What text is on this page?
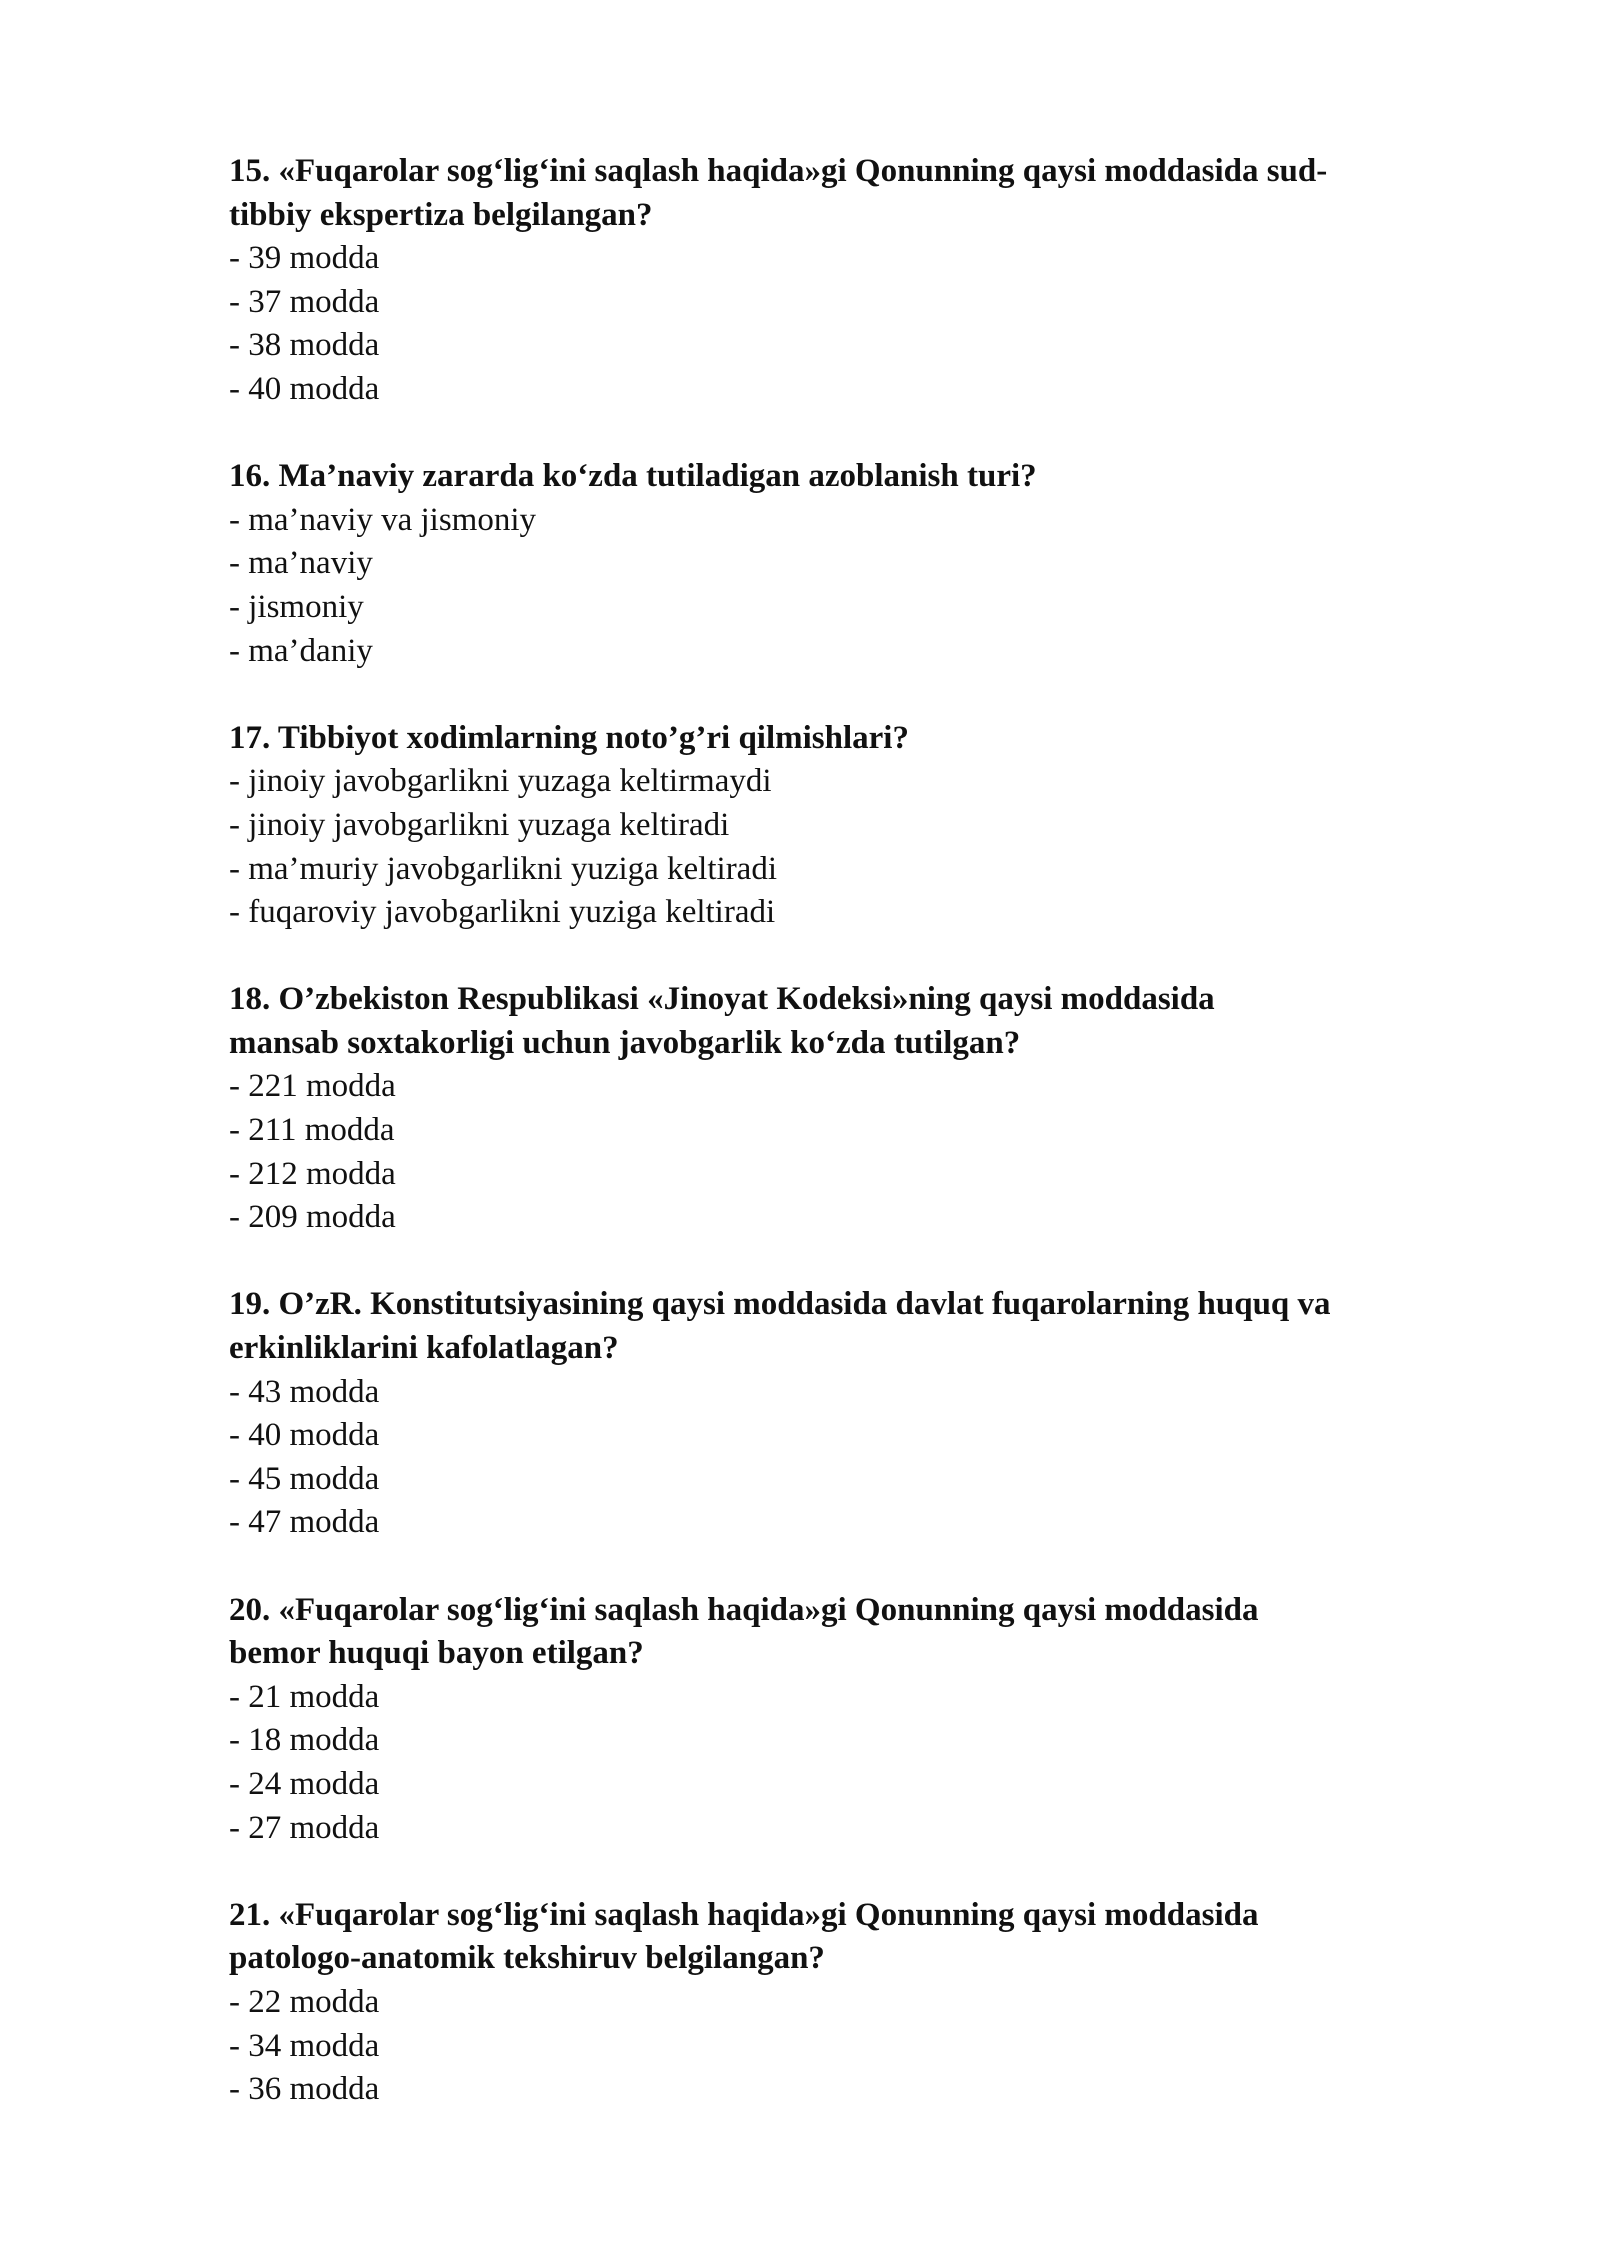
15. «Fuqarolar sog‘lig‘ini saqlash haqida»gi Qonunning qaysi moddasida sud-
tibbiy ekspertiza belgilangan?
- 39 modda
- 37 modda
- 38 modda
- 40 modda
16. Ma’naviy zararda ko‘zda tutiladigan azoblanish turi?
- ma’naviy va jismoniy
- ma’naviy
- jismoniy
- ma’daniy
17. Tibbiyot xodimlarning noto’g’ri qilmishlari?
- jinoiy javobgarlikni yuzaga keltirmaydi
- jinoiy javobgarlikni yuzaga keltiradi
- ma’muriy javobgarlikni yuziga keltiradi
- fuqaroviy javobgarlikni yuziga keltiradi
18. O’zbekiston Respublikasi «Jinoyat Kodeksi»ning qaysi moddasida
mansab soxtakorligi uchun javobgarlik ko‘zda tutilgan?
- 221 modda
- 211 modda
- 212 modda
- 209 modda
19. O’zR. Konstitutsiyasining qaysi moddasida davlat fuqarolarning huquq va
erkinliklarini kafolatlagan?
- 43 modda
- 40 modda
- 45 modda
- 47 modda
20. «Fuqarolar sog‘lig‘ini saqlash haqida»gi Qonunning qaysi moddasida
bemor huquqi bayon etilgan?
- 21 modda
- 18 modda
- 24 modda
- 27 modda
21. «Fuqarolar sog‘lig‘ini saqlash haqida»gi Qonunning qaysi moddasida
patologo-anatomik tekshiruv belgilangan?
- 22 modda
- 34 modda
- 36 modda
